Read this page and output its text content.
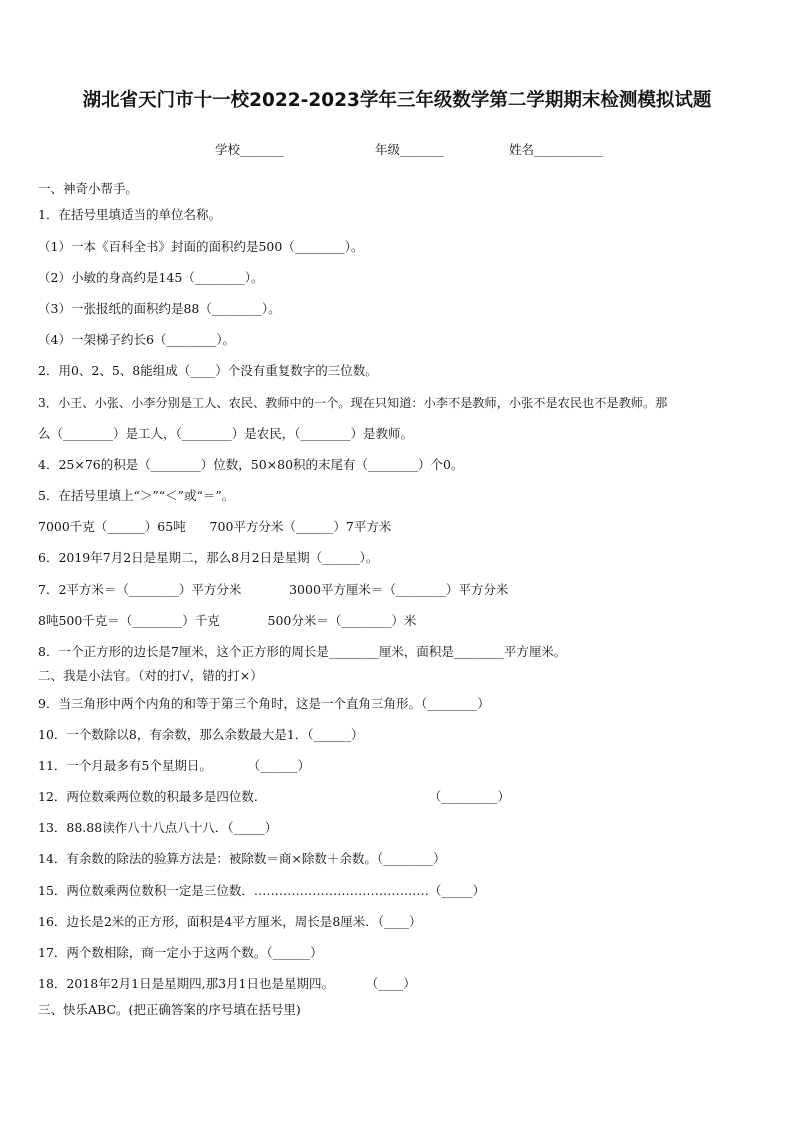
湖北省天门市十一校2022-2023学年三年级数学第二学期期末检测模拟试题
学校_______	年级_______	姓名___________
一、神奇小帮手。
1．在括号里填适当的单位名称。
（1）一本《百科全书》封面的面积约是500（________）。
（2）小敏的身高约是145（________）。
（3）一张报纸的面积约是88（________）。
（4）一架梯子约长6（________）。
2．用0、2、5、8能组成（____）个没有重复数字的三位数。
3．小王、小张、小李分别是工人、农民、教师中的一个。现在只知道：小李不是教师，小张不是农民也不是教师。那
么（________）是工人，（________）是农民，（________）是教师。
4．25×76的积是（________）位数，50×80积的末尾有（________）个0。
5．在括号里填上“＞”“＜”或“＝”。
7000千克（______）65吨      700平方分米（______）7平方米
6．2019年7月2日是星期二，那么8月2日是星期（______）。
7．2平方米＝（________）平方分米            3000平方厘米＝（________）平方分米
8吨500千克＝（________）千克            500分米＝（________）米
8．一个正方形的边长是7厘米，这个正方形的周长是________厘米，面积是________平方厘米。
二、我是小法官。（对的打√，错的打×）
9．当三角形中两个内角的和等于第三个角时，这是一个直角三角形。（________）
10．一个数除以8，有余数，那么余数最大是1．（______）
11．一个月最多有5个星期日。         （______）
12．两位数乘两位数的积最多是四位数.                                           （_________）
13．88.88读作八十八点八十八．（_____）
14．有余数的除法的验算方法是：被除数＝商×除数＋余数。（________）
15．两位数乘两位数积一定是三位数．……………………………………（_____）
16．边长是2米的正方形，面积是4平方厘米，周长是8厘米．（____）
17．两个数相除，商一定小于这两个数。（______）
18．2018年2月1日是星期四,那3月1日也是星期四。        （____）
三、快乐ABC。(把正确答案的序号填在括号里)
